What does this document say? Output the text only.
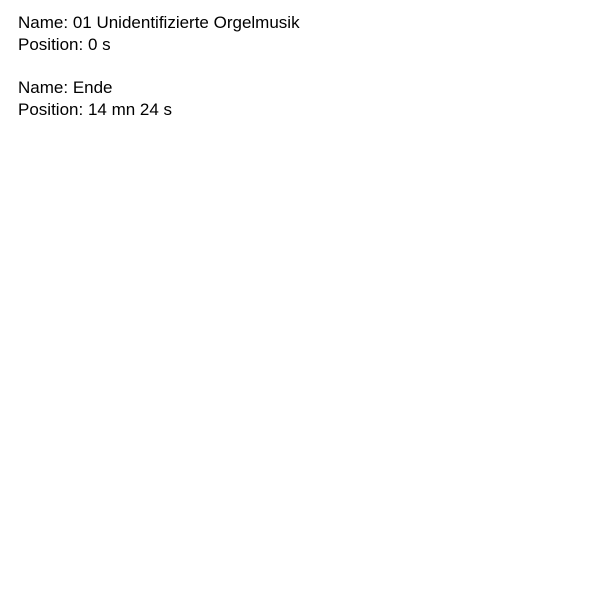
Name: 01 Unidentifizierte Orgelmusik
Position: 0 s
Name: Ende
Position: 14 mn 24 s
